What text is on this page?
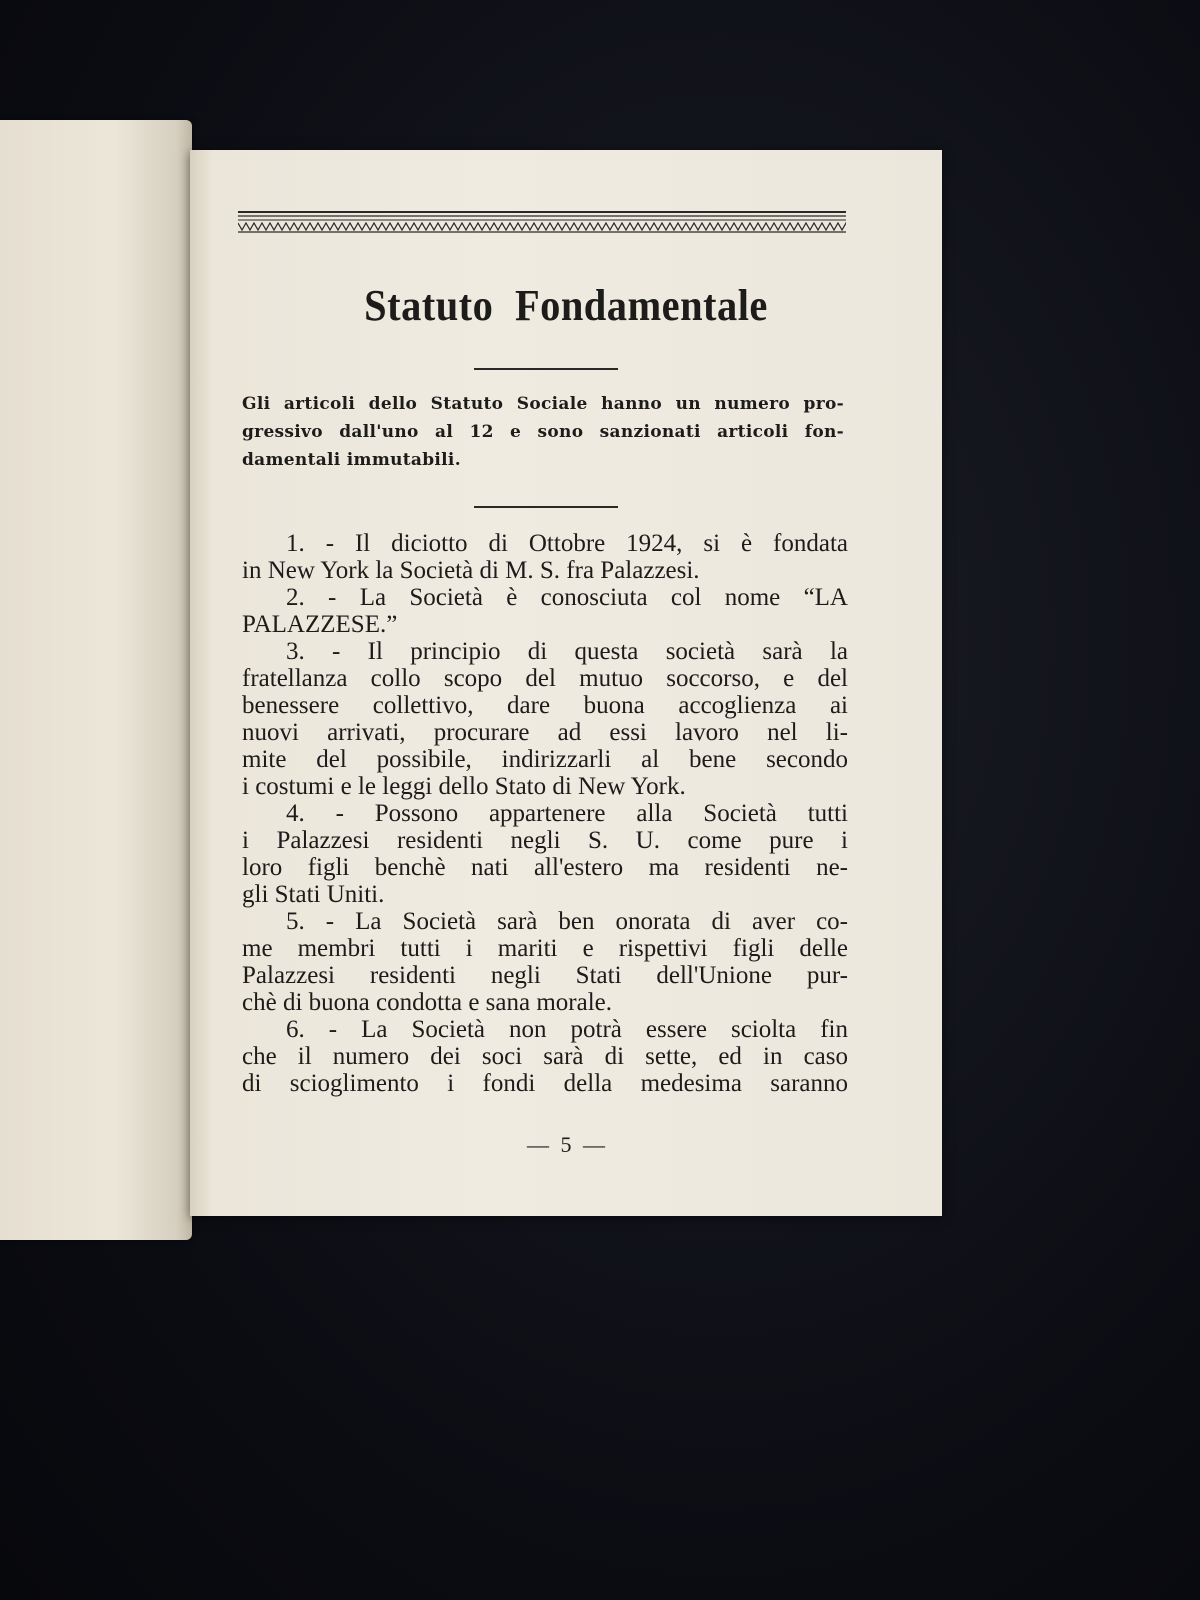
Statuto Fondamentale
Gli articoli dello Statuto Sociale hanno un numero pro-
gressivo dall'uno al 12 e sono sanzionati articoli fon-
damentali immutabili.
1. - Il diciotto di Ottobre 1924, si è fondata
in New York la Società di M. S. fra Palazzesi.
2. - La Società è conosciuta col nome “LA
PALAZZESE.”
3. - Il principio di questa società sarà la
fratellanza collo scopo del mutuo soccorso, e del
benessere collettivo, dare buona accoglienza ai
nuovi arrivati, procurare ad essi lavoro nel li-
mite del possibile, indirizzarli al bene secondo
i costumi e le leggi dello Stato di New York.
4. - Possono appartenere alla Società tutti
i Palazzesi residenti negli S. U. come pure i
loro figli benchè nati all'estero ma residenti ne-
gli Stati Uniti.
5. - La Società sarà ben onorata di aver co-
me membri tutti i mariti e rispettivi figli delle
Palazzesi residenti negli Stati dell'Unione pur-
chè di buona condotta e sana morale.
6. - La Società non potrà essere sciolta fin
che il numero dei soci sarà di sette, ed in caso
di scioglimento i fondi della medesima saranno
— 5 —
